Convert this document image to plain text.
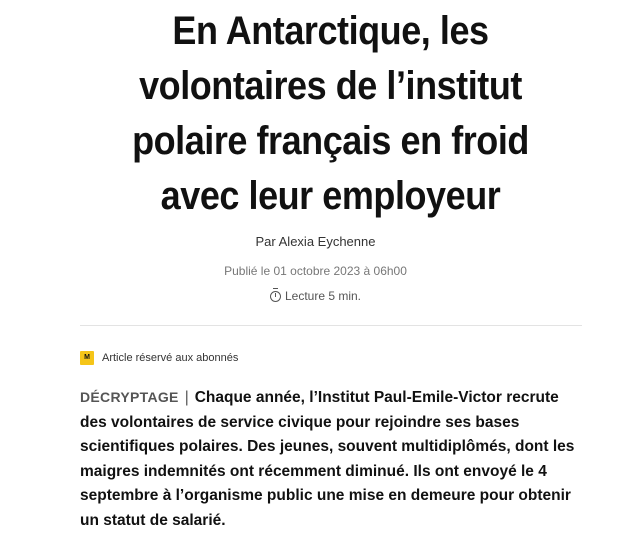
En Antarctique, les
volontaires de l’institut
polaire français en froid
avec leur employeur
Par Alexia Eychenne
Publié le 01 octobre 2023 à 06h00
Lecture 5 min.
M	Article réservé aux abonnés

DÉCRYPTAGE | Chaque année, l’Institut Paul-Emile-Victor recrute des volontaires de service civique pour rejoindre ses bases scientifiques polaires. Des jeunes, souvent multidiplômés, dont les maigres indemnités ont récemment diminué. Ils ont envoyé le 4 septembre à l’organisme public une mise en demeure pour obtenir un statut de salarié.
